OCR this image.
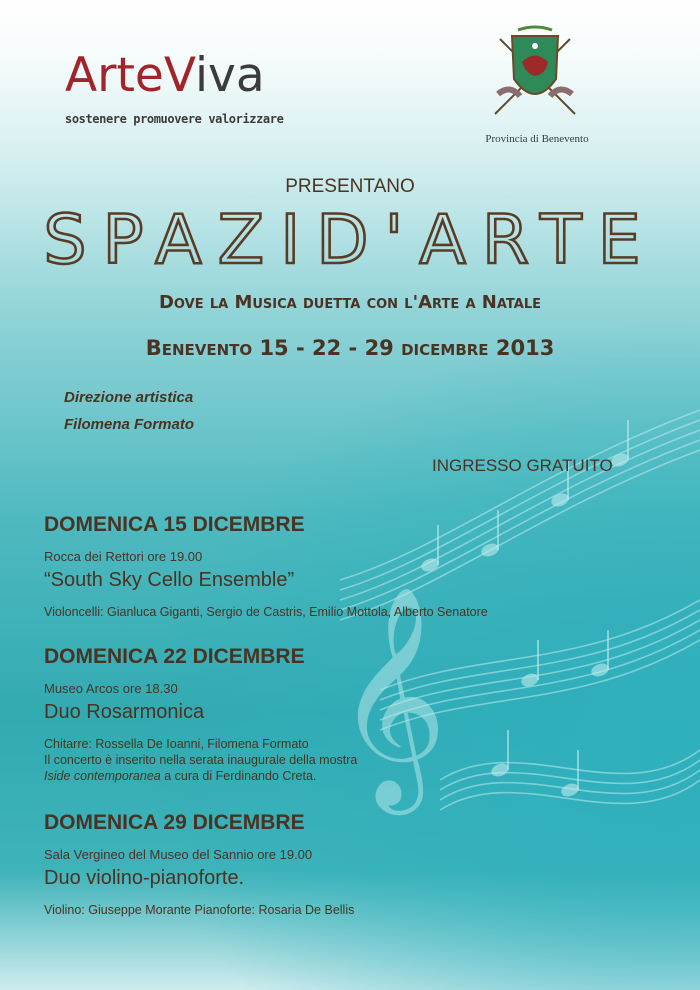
𝄞
ArteViva
sostenere promuovere valorizzare
Provincia di Benevento
PRESENTANO
SPAZID'ARTE
Dove la Musica duetta con l'Arte a Natale
Benevento 15 - 22 - 29 dicembre 2013
Direzione artistica
Filomena Formato
INGRESSO GRATUITO
DOMENICA 15 DICEMBRE
Rocca dei Rettori ore 19.00
“South Sky Cello Ensemble”
Violoncelli: Gianluca Giganti, Sergio de Castris, Emilio Mottola, Alberto Senatore
DOMENICA 22 DICEMBRE
Museo Arcos ore 18.30
Duo Rosarmonica
Chitarre: Rossella De Ioanni, Filomena Formato
Il concerto è inserito nella serata inaugurale della mostra
Iside contemporanea a cura di Ferdinando Creta.
DOMENICA 29 DICEMBRE
Sala Vergineo del Museo del Sannio ore 19.00
Duo violino-pianoforte.
Violino: Giuseppe Morante Pianoforte: Rosaria De Bellis
